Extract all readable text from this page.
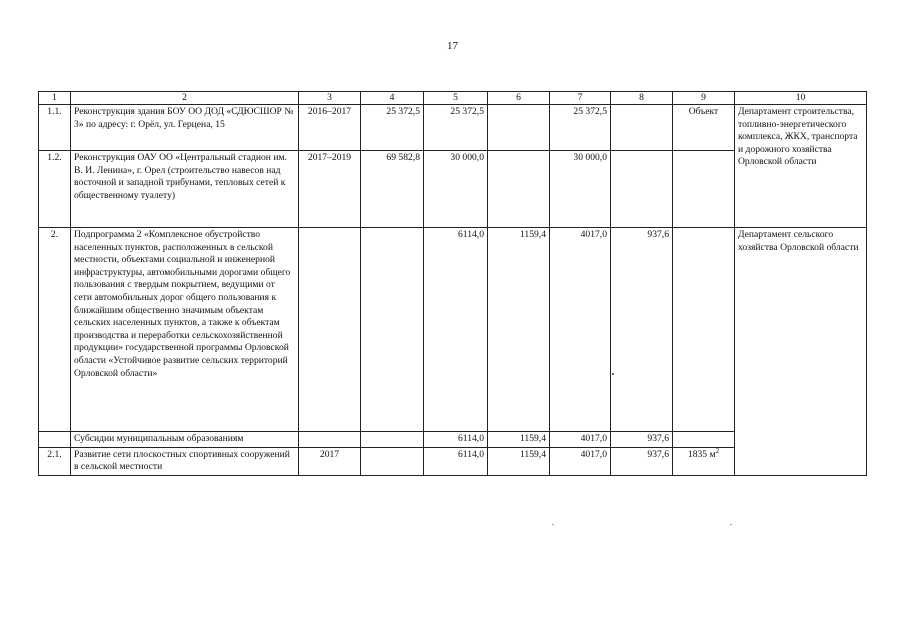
17
1	2	3	4	5	6	7	8	9	10
1.1.	Реконструкция здания БОУ ОО ДОД «СДЮСШОР № 3» по адресу: г. Орёл, ул. Герцена, 15	2016–2017	25 372,5	25 372,5		25 372,5		Объект	Департамент строительства, топливно-энергетического комплекса, ЖКХ, транспорта и дорожного хозяйства Орловской области
1.2.	Реконструкция ОАУ ОО «Центральный стадион им. В. И. Ленина», г. Орел (строительство навесов над восточной и западной трибунами, тепловых сетей к общественному туалету)	2017–2019	69 582,8	30 000,0		30 000,0			
2.	Подпрограмма 2 «Комплексное обустройство населенных пунктов, расположенных в сельской местности, объектами социальной и инженерной инфраструктуры, автомобильными дорогами общего пользования с твердым покрытием, ведущими от сети автомобильных дорог общего пользования к ближайшим общественно значимым объектам сельских населенных пунктов, а также к объектам производства и переработки сельскохозяйственной продукции» государственной программы Орловской области «Устойчивое развитие сельских территорий Орловской области»			6114,0	1159,4	4017,0	937,6		Департамент сельского хозяйства Орловской области
	Субсидии муниципальным образованиям			6114,0	1159,4	4017,0	937,6		
2.1.	Развитие сети плоскостных спортивных сооружений в сельской местности	2017		6114,0	1159,4	4017,0	937,6	1835 $м^2$
